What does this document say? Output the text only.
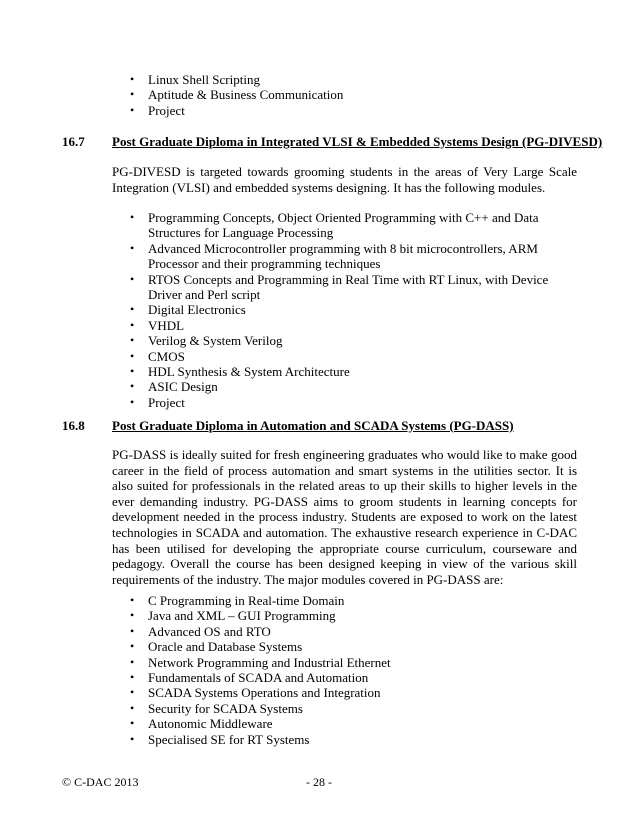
• Linux Shell Scripting
• Aptitude & Business Communication
• Project
16.7 Post Graduate Diploma in Integrated VLSI & Embedded Systems Design (PG-DIVESD)

PG-DIVESD is targeted towards grooming students in the areas of Very Large Scale Integration (VLSI) and embedded systems designing. It has the following modules.

• Programming Concepts, Object Oriented Programming with C++ and Data Structures for Language Processing
• Advanced Microcontroller programming with 8 bit microcontrollers, ARM Processor and their programming techniques
• RTOS Concepts and Programming in Real Time with RT Linux, with Device Driver and Perl script
• Digital Electronics
• VHDL
• Verilog & System Verilog
• CMOS
• HDL Synthesis & System Architecture
• ASIC Design
• Project
16.8 Post Graduate Diploma in Automation and SCADA Systems (PG-DASS)

PG-DASS is ideally suited for fresh engineering graduates who would like to make good career in the field of process automation and smart systems in the utilities sector. It is also suited for professionals in the related areas to up their skills to higher levels in the ever demanding industry. PG-DASS aims to groom students in learning concepts for development needed in the process industry. Students are exposed to work on the latest technologies in SCADA and automation. The exhaustive research experience in C-DAC has been utilised for developing the appropriate course curriculum, courseware and pedagogy. Overall the course has been designed keeping in view of the various skill requirements of the industry. The major modules covered in PG-DASS are:

• C Programming in Real-time Domain
• Java and XML – GUI Programming
• Advanced OS and RTO
• Oracle and Database Systems
• Network Programming and Industrial Ethernet
• Fundamentals of SCADA and Automation
• SCADA Systems Operations and Integration
• Security for SCADA Systems
• Autonomic Middleware
• Specialised SE for RT Systems
© C-DAC 2013	- 28 -
